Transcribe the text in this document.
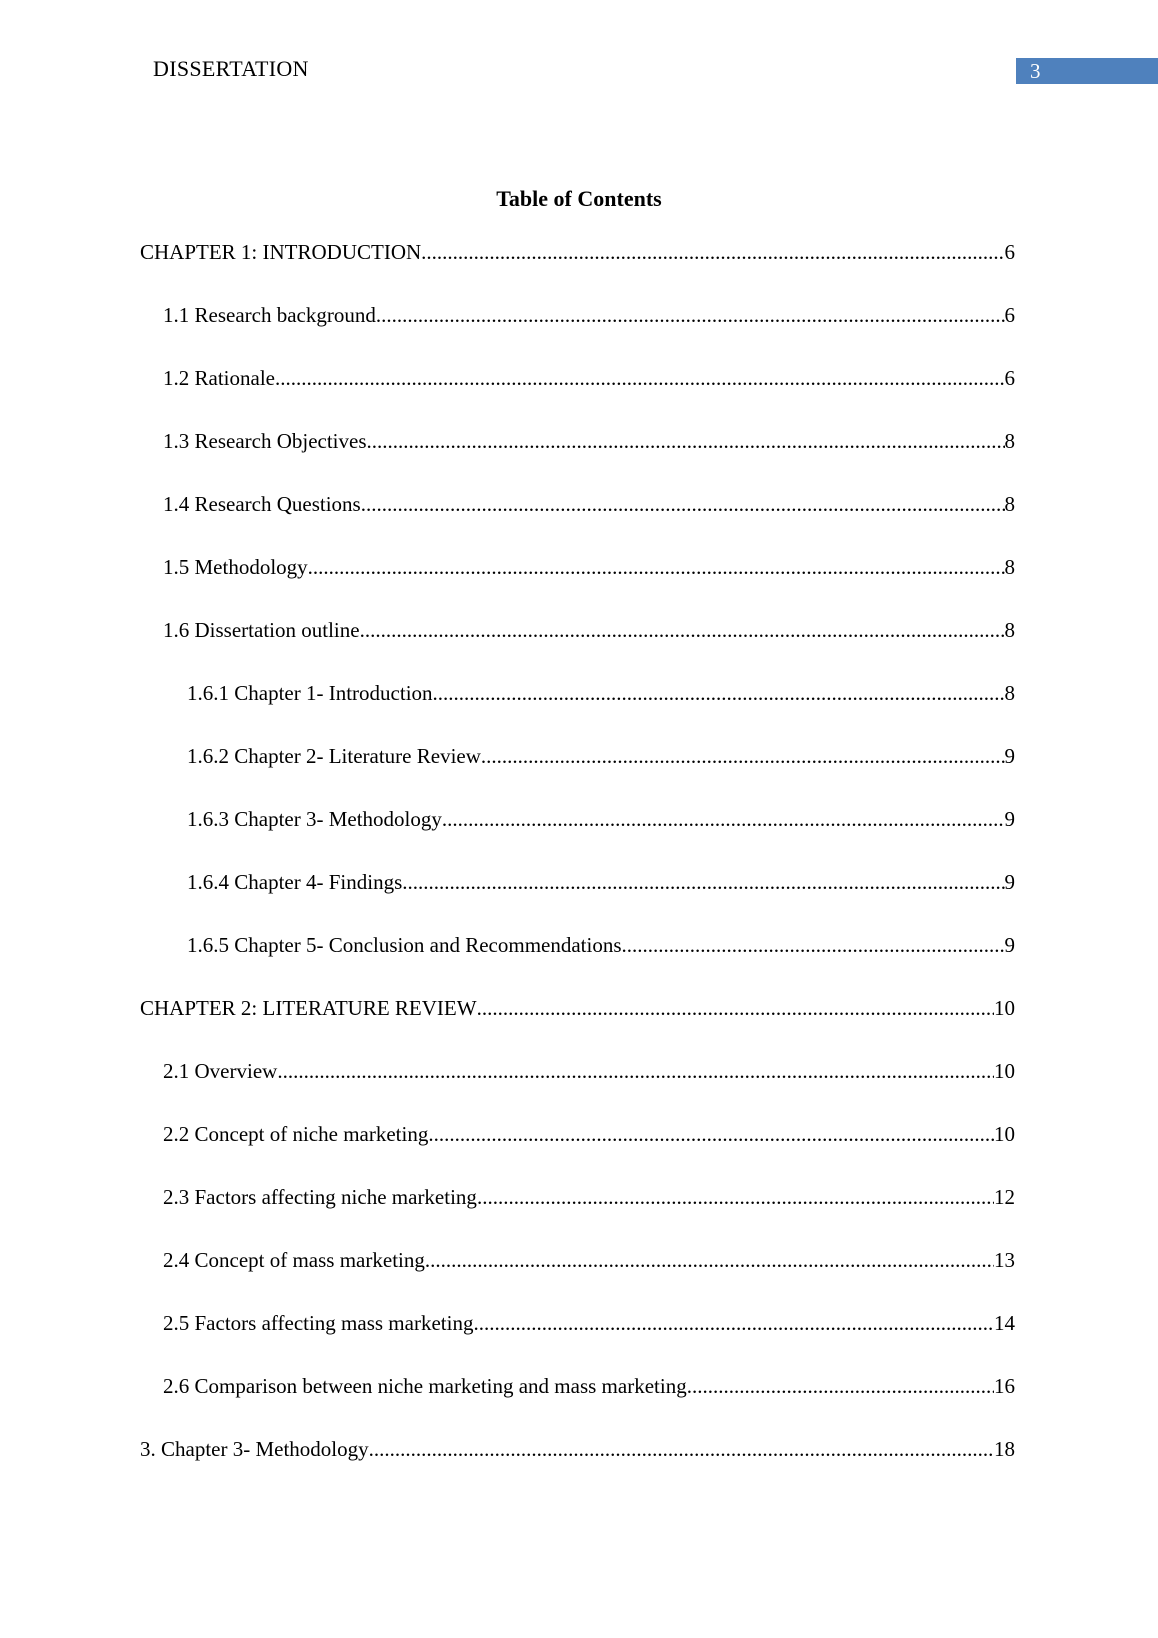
DISSERTATION	3
Table of Contents
CHAPTER 1: INTRODUCTION .....	6
1.1 Research background .....	6
1.2 Rationale .....	6
1.3 Research Objectives .....	8
1.4 Research Questions .....	8
1.5 Methodology .....	8
1.6 Dissertation outline .....	8
1.6.1 Chapter 1- Introduction .....	8
1.6.2 Chapter 2- Literature Review .....	9
1.6.3 Chapter 3- Methodology .....	9
1.6.4 Chapter 4- Findings .....	9
1.6.5 Chapter 5- Conclusion and Recommendations .....	9
CHAPTER 2: LITERATURE REVIEW .....	10
2.1 Overview .....	10
2.2 Concept of niche marketing .....	10
2.3 Factors affecting niche marketing .....	12
2.4 Concept of mass marketing .....	13
2.5 Factors affecting mass marketing .....	14
2.6 Comparison between niche marketing and mass marketing .....	16
3. Chapter 3- Methodology .....	18
